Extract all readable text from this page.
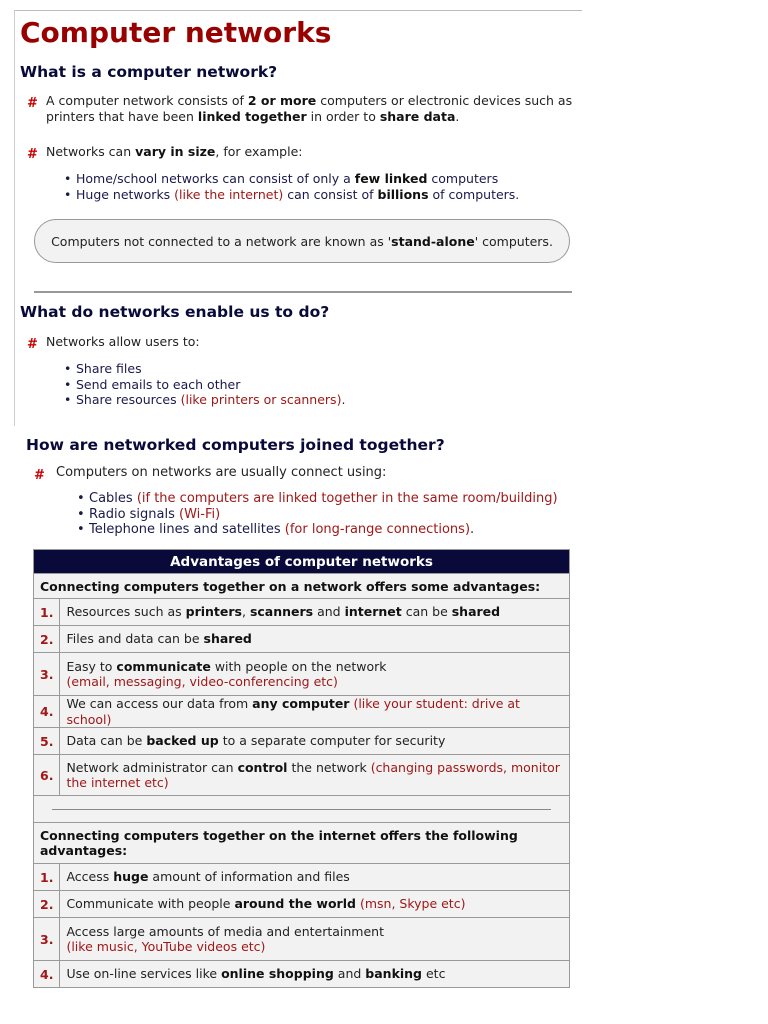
Computer networks
What is a computer network?
# A computer network consists of 2 or more computers or electronic devices such as
printers that have been linked together in order to share data.
# Networks can vary in size, for example:
• Home/school networks can consist of only a few linked computers
• Huge networks (like the internet) can consist of billions of computers.
Computers not connected to a network are known as 'stand-alone' computers.
What do networks enable us to do?
# Networks allow users to:
• Share files
• Send emails to each other
• Share resources (like printers or scanners).
How are networked computers joined together?
# Computers on networks are usually connect using:
• Cables (if the computers are linked together in the same room/building)
• Radio signals (Wi-Fi)
• Telephone lines and satellites (for long-range connections).
Advantages of computer networks	
Connecting computers together on a network offers some advantages:	
1.	Resources such as printers, scanners and internet can be shared
2.	Files and data can be shared
3.	Easy to communicate with people on the network
(email, messaging, video-conferencing etc)
4.	We can access our data from any computer (like your student: drive at school)
5.	Data can be backed up to a separate computer for security
6.	Network administrator can control the network (changing passwords, monitor the internet etc)

Connecting computers together on the internet offers the following advantages:	
1.	Access huge amount of information and files
2.	Communicate with people around the world (msn, Skype etc)
3.	Access large amounts of media and entertainment
(like music, YouTube videos etc)
4.	Use on-line services like online shopping and banking etc
